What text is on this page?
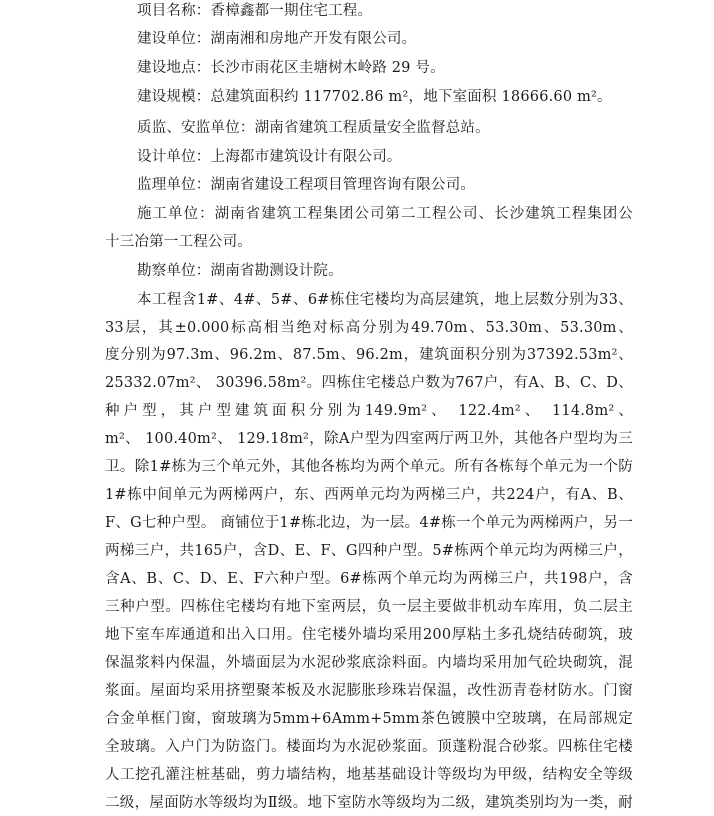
项目名称：香樟鑫都一期住宅工程。
建设单位：湖南湘和房地产开发有限公司。
建设地点：长沙市雨花区圭塘树木岭路 29 号。
建设规模：总建筑面积约 117702.86 m²，地下室面积 18666.60 m²。
质监、安监单位：湖南省建筑工程质量安全监督总站。
设计单位：上海都市建筑设计有限公司。
监理单位：湖南省建设工程项目管理咨询有限公司。
施工单位：湖南省建筑工程集团公司第二工程公司、长沙建筑工程集团公
十三冶第一工程公司。
勘察单位：湖南省勘测设计院。
本工程含1#、4#、5#、6#栋住宅楼均为高层建筑，地上层数分别为33、
33层，其±0.000标高相当绝对标高分别为49.70m、53.30m、53.30m、
度分别为97.3m、96.2m、87.5m、96.2m，建筑面积分别为37392.53m²、
25332.07m²、 30396.58m²。四栋住宅楼总户数为767户，有A、B、C、D、
种户型，其户型建筑面积分别为149.9m²、 122.4m²、 114.8m²、
m²、 100.40m²、 129.18m²，除A户型为四室两厅两卫外，其他各户型均为三
卫。除1#栋为三个单元外，其他各栋均为两个单元。所有各栋每个单元为一个防
1#栋中间单元为两梯两户，东、西两单元均为两梯三户，共224户，有A、B、
F、G七种户型。 商铺位于1#栋北边，为一层。4#栋一个单元为两梯两户，另一
两梯三户，共165户，含D、E、F、G四种户型。5#栋两个单元均为两梯三户，
含A、B、C、D、E、F六种户型。6#栋两个单元均为两梯三户，共198户，含
三种户型。四栋住宅楼均有地下室两层，负一层主要做非机动车库用，负二层主
地下室车库通道和出入口用。住宅楼外墙均采用200厚粘土多孔烧结砖砌筑，玻
保温浆料内保温，外墙面层为水泥砂浆底涂料面。内墙均采用加气砼块砌筑，混
浆面。屋面均采用挤塑聚苯板及水泥膨胀珍珠岩保温，改性沥青卷材防水。门窗
合金单框门窗，窗玻璃为5mm+6Amm+5mm茶色镀膜中空玻璃，在局部规定
全玻璃。入户门为防盗门。楼面均为水泥砂浆面。顶蓬粉混合砂浆。四栋住宅楼
人工挖孔灌注桩基础，剪力墙结构，地基基础设计等级均为甲级，结构安全等级
二级，屋面防水等级均为Ⅱ级。地下室防水等级均为二级，建筑类别均为一类，耐
